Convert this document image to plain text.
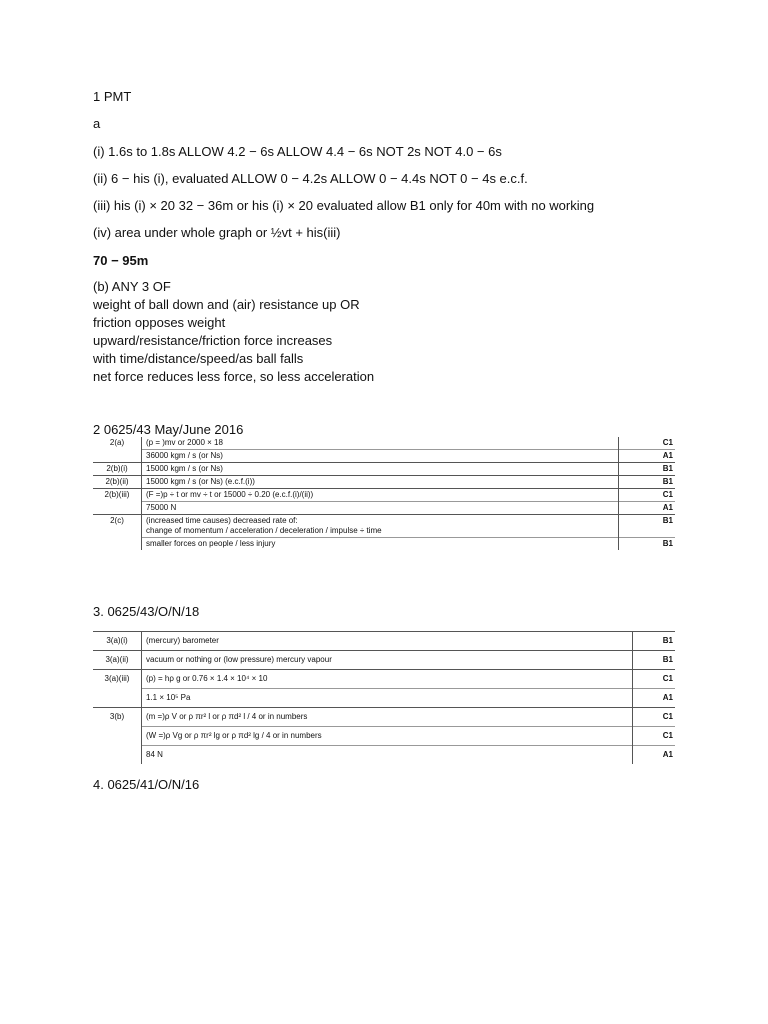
1 PMT
a
(i) 1.6s to 1.8s ALLOW 4.2 − 6s ALLOW 4.4 − 6s NOT 2s NOT 4.0 − 6s
(ii) 6 − his (i), evaluated ALLOW 0 − 4.2s ALLOW 0 − 4.4s NOT 0 − 4s e.c.f.
(iii) his (i) × 20 32 − 36m or his (i) × 20 evaluated allow B1 only for 40m with no working
(iv) area under whole graph or ½vt + his(iii)
70 − 95m
(b) ANY 3 OF
weight of ball down and (air) resistance up OR
friction opposes weight
upward/resistance/friction force increases
with time/distance/speed/as ball falls
net force reduces less force, so less acceleration
2 0625/43 May/June 2016
2(a)	(p = )mv or 2000 × 18	C1
	36000 kgm / s (or Ns)	A1
2(b)(i)	15000 kgm / s (or Ns)	B1
2(b)(ii)	15000 kgm / s (or Ns) (e.c.f.(i))	B1
2(b)(iii)	(F =)p ÷ t or mv ÷ t or 15000 ÷ 0.20 (e.c.f.(i)/(ii))	C1
	75000 N	A1
2(c)	(increased time causes) decreased rate of:
change of momentum / acceleration / deceleration / impulse ÷ time	B1
	smaller forces on people / less injury	B1
3. 0625/43/O/N/18
3(a)(i)	(mercury) barometer	B1
3(a)(ii)	vacuum or nothing or (low pressure) mercury vapour	B1
3(a)(iii)	(p) = hρ g or 0.76 × 1.4 × 10⁴ × 10	C1
	1.1 × 10⁵ Pa	A1
3(b)	(m =)ρ V or ρ πr² l or ρ πd² l / 4 or in numbers	C1
	(W =)ρ Vg or ρ πr² lg or ρ πd² lg / 4 or in numbers	C1
	84 N	A1
4. 0625/41/O/N/16
